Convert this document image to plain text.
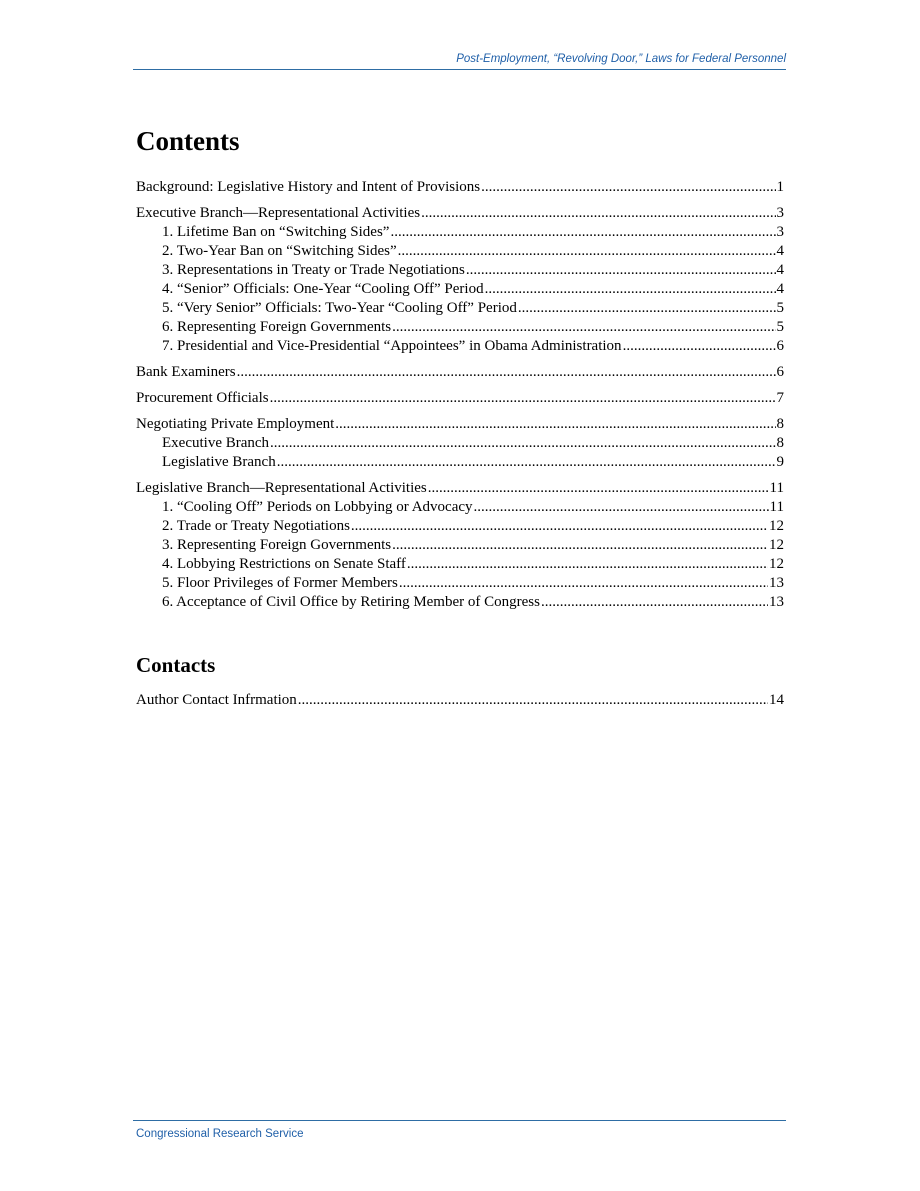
Post-Employment, “Revolving Door,” Laws for Federal Personnel
Contents
Background: Legislative History and Intent of Provisions .....	1
Executive Branch—Representational Activities .....	3
1. Lifetime Ban on “Switching Sides” .....	3
2. Two-Year Ban on “Switching Sides” .....	4
3. Representations in Treaty or Trade Negotiations .....	4
4. “Senior” Officials: One-Year “Cooling Off” Period .....	4
5. “Very Senior” Officials: Two-Year “Cooling Off” Period .....	5
6. Representing Foreign Governments .....	5
7. Presidential and Vice-Presidential “Appointees” in Obama Administration .....	6
Bank Examiners .....	6
Procurement Officials .....	7
Negotiating Private Employment .....	8
Executive Branch .....	8
Legislative Branch .....	9
Legislative Branch—Representational Activities .....	11
1. “Cooling Off” Periods on Lobbying or Advocacy .....	11
2. Trade or Treaty Negotiations .....	12
3. Representing Foreign Governments .....	12
4. Lobbying Restrictions on Senate Staff .....	12
5. Floor Privileges of Former Members .....	13
6. Acceptance of Civil Office by Retiring Member of Congress .....	13
Contacts
Author Contact Infrmation .....	14
Congressional Research Service
